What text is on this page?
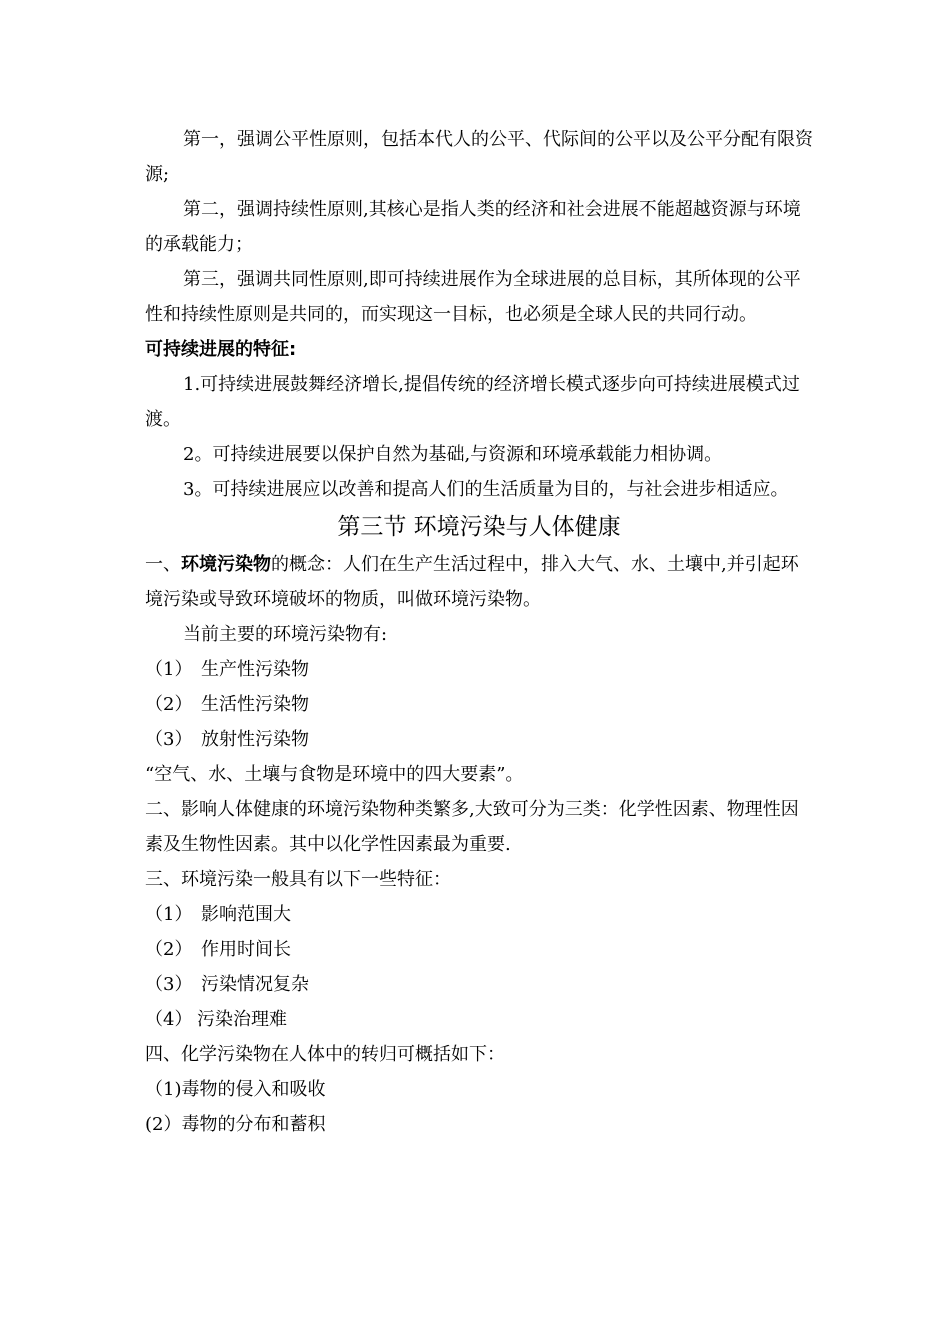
第一，强调公平性原则，包括本代人的公平、代际间的公平以及公平分配有限资源;

第二，强调持续性原则,其核心是指人类的经济和社会进展不能超越资源与环境的承载能力；

第三，强调共同性原则,即可持续进展作为全球进展的总目标，其所体现的公平性和持续性原则是共同的，而实现这一目标，也必须是全球人民的共同行动。

可持续进展的特征:

1.可持续进展鼓舞经济增长,提倡传统的经济增长模式逐步向可持续进展模式过渡。

2。可持续进展要以保护自然为基础,与资源和环境承载能力相协调。

3。可持续进展应以改善和提高人们的生活质量为目的，与社会进步相适应。

第三节 环境污染与人体健康

一、环境污染物的概念：人们在生产生活过程中，排入大气、水、土壤中,并引起环境污染或导致环境破坏的物质，叫做环境污染物。

当前主要的环境污染物有:

（1） 生产性污染物

（2） 生活性污染物

（3） 放射性污染物

“空气、水、土壤与食物是环境中的四大要素”。

二、影响人体健康的环境污染物种类繁多,大致可分为三类：化学性因素、物理性因素及生物性因素。其中以化学性因素最为重要.

三、环境污染一般具有以下一些特征：

（1） 影响范围大

（2） 作用时间长

（3） 污染情况复杂

（4） 污染治理难

四、化学污染物在人体中的转归可概括如下：

（1)毒物的侵入和吸收

(2）毒物的分布和蓄积
